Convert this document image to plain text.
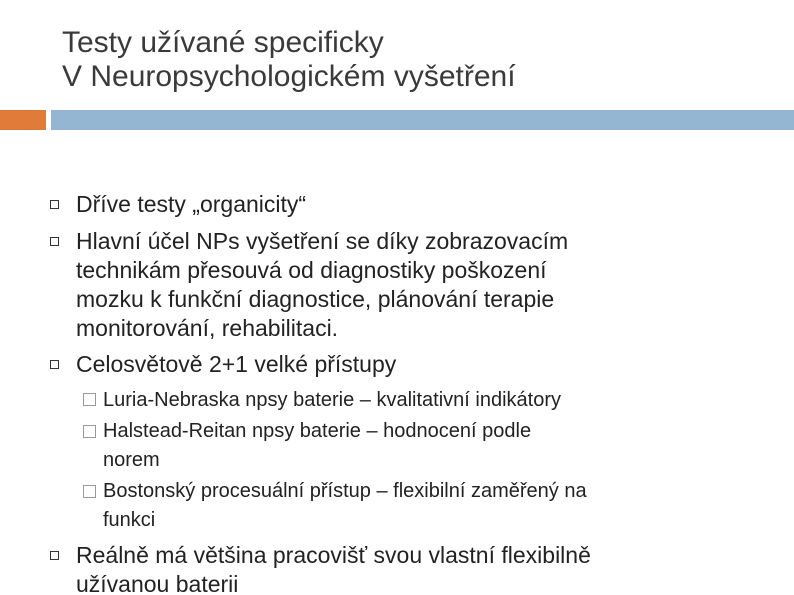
Testy užívané specificky
V Neuropsychologickém vyšetření
Dříve testy „organicity“
Hlavní účel NPs vyšetření se díky zobrazovacím
technikám přesouvá od diagnostiky poškození
mozku k funkční diagnostice, plánování terapie
monitorování, rehabilitaci.
Celosvětově 2+1 velké přístupy
Luria-Nebraska npsy baterie – kvalitativní indikátory
Halstead-Reitan npsy baterie – hodnocení podle
norem
Bostonský procesuální přístup – flexibilní zaměřený na
funkci
Reálně má většina pracovišť svou vlastní flexibilně
užívanou baterii
